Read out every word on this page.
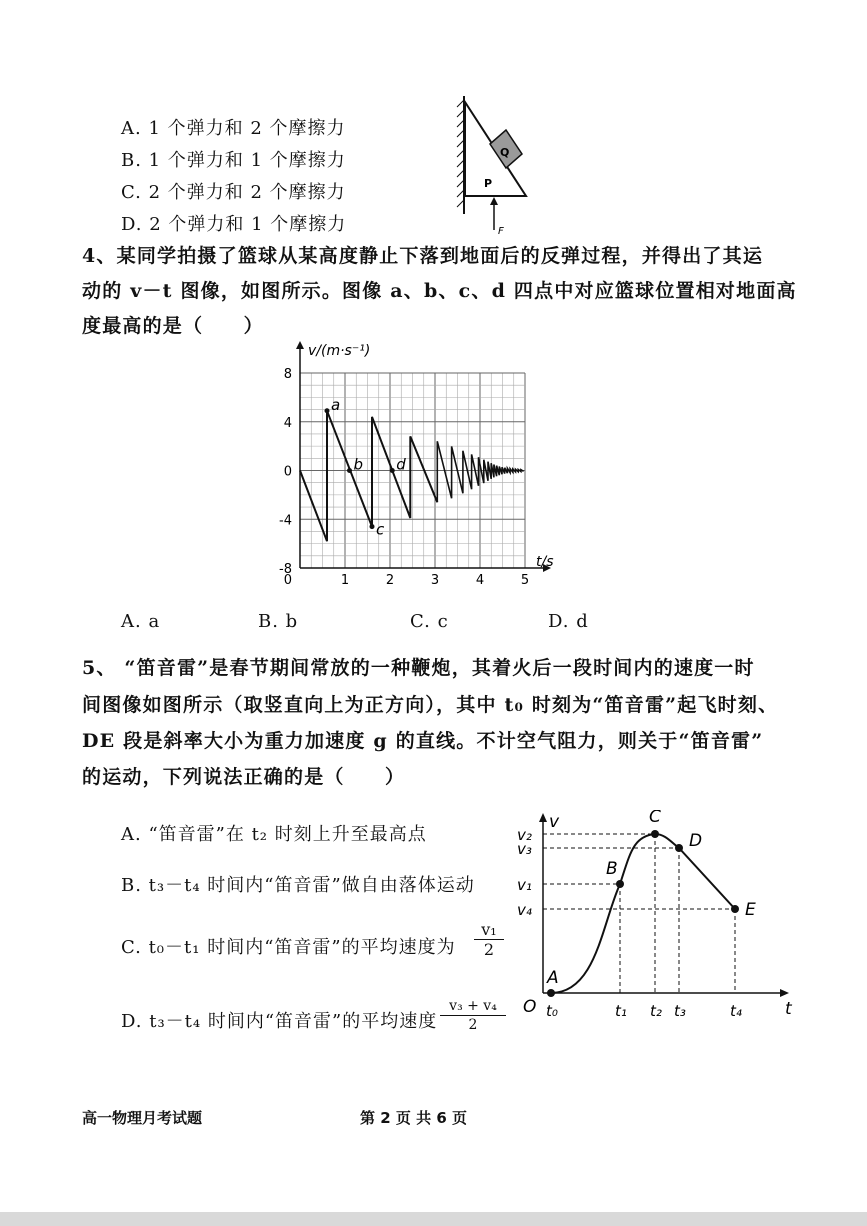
A. 1 个弹力和 2 个摩擦力
B. 1 个弹力和 1 个摩擦力
C. 2 个弹力和 2 个摩擦力
D. 2 个弹力和 1 个摩擦力
Q
P
F
4、某同学拍摄了篮球从某高度静止下落到地面后的反弹过程，并得出了其运
动的 v－t 图像，如图所示。图像 a、b、c、d 四点中对应篮球位置相对地面高
度最高的是（　　）
8
4
0
-4
-8
1	2	3	4	5
0
a
b
c
d
v/(m·s⁻¹)
t/s
A. a	B. b	C. c	D. d
5、 “笛音雷”是春节期间常放的一种鞭炮，其着火后一段时间内的速度一时
间图像如图所示（取竖直向上为正方向），其中 t₀ 时刻为“笛音雷”起飞时刻、
DE 段是斜率大小为重力加速度 g 的直线。不计空气阻力，则关于“笛音雷”
的运动，下列说法正确的是（　　）
A. “笛音雷”在 t₂ 时刻上升至最高点
B. t₃－t₄ 时间内“笛音雷”做自由落体运动
C. t₀－t₁ 时间内“笛音雷”的平均速度为 $\frac{\text{v₁}}{2}$
D. t₃－t₄ 时间内“笛音雷”的平均速度 $\frac{\text{v₃ + v₄}}{2}$
v
t
O
v₂
v₃
v₁
v₄
t₀	t₁ t₂ t₃	t₄
A
B
C
D
E
高一物理月考试题	第 2 页 共 6 页
